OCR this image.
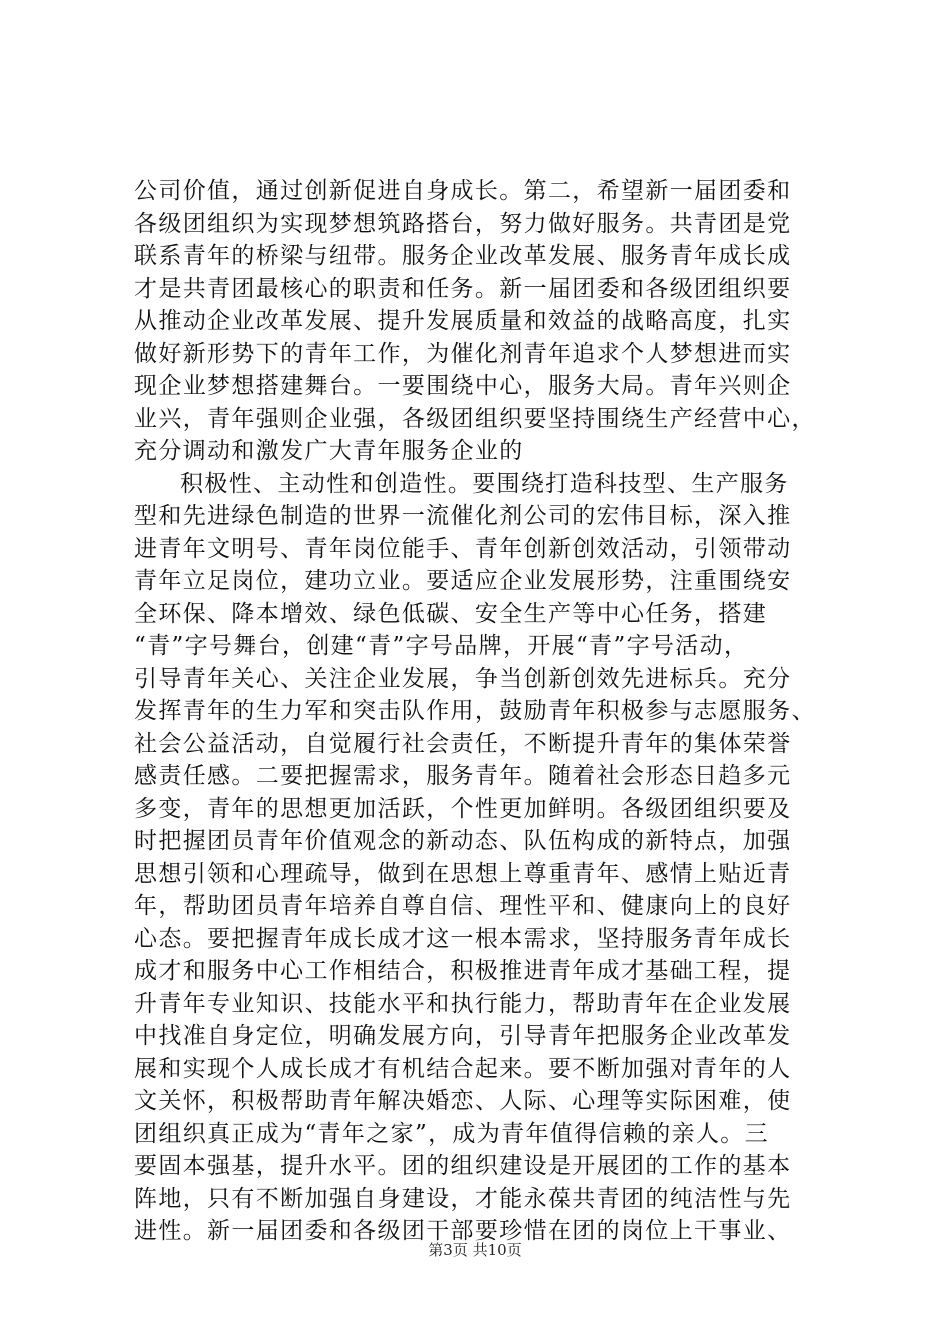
公司价值，通过创新促进自身成长。第二，希望新一届团委和
各级团组织为实现梦想筑路搭台，努力做好服务。共青团是党
联系青年的桥梁与纽带。服务企业改革发展、服务青年成长成
才是共青团最核心的职责和任务。新一届团委和各级团组织要
从推动企业改革发展、提升发展质量和效益的战略高度，扎实
做好新形势下的青年工作，为催化剂青年追求个人梦想进而实
现企业梦想搭建舞台。一要围绕中心，服务大局。青年兴则企
业兴，青年强则企业强，各级团组织要坚持围绕生产经营中心，
充分调动和激发广大青年服务企业的
积极性、主动性和创造性。要围绕打造科技型、生产服务
型和先进绿色制造的世界一流催化剂公司的宏伟目标，深入推
进青年文明号、青年岗位能手、青年创新创效活动，引领带动
青年立足岗位，建功立业。要适应企业发展形势，注重围绕安
全环保、降本增效、绿色低碳、安全生产等中心任务，搭建
“青”字号舞台，创建“青”字号品牌，开展“青”字号活动，
引导青年关心、关注企业发展，争当创新创效先进标兵。充分
发挥青年的生力军和突击队作用，鼓励青年积极参与志愿服务、
社会公益活动，自觉履行社会责任，不断提升青年的集体荣誉
感责任感。二要把握需求，服务青年。随着社会形态日趋多元
多变，青年的思想更加活跃，个性更加鲜明。各级团组织要及
时把握团员青年价值观念的新动态、队伍构成的新特点，加强
思想引领和心理疏导，做到在思想上尊重青年、感情上贴近青
年，帮助团员青年培养自尊自信、理性平和、健康向上的良好
心态。要把握青年成长成才这一根本需求，坚持服务青年成长
成才和服务中心工作相结合，积极推进青年成才基础工程，提
升青年专业知识、技能水平和执行能力，帮助青年在企业发展
中找准自身定位，明确发展方向，引导青年把服务企业改革发
展和实现个人成长成才有机结合起来。要不断加强对青年的人
文关怀，积极帮助青年解决婚恋、人际、心理等实际困难，使
团组织真正成为“青年之家”，成为青年值得信赖的亲人。三
要固本强基，提升水平。团的组织建设是开展团的工作的基本
阵地，只有不断加强自身建设，才能永葆共青团的纯洁性与先
进性。新一届团委和各级团干部要珍惜在团的岗位上干事业、
第3页 共10页
